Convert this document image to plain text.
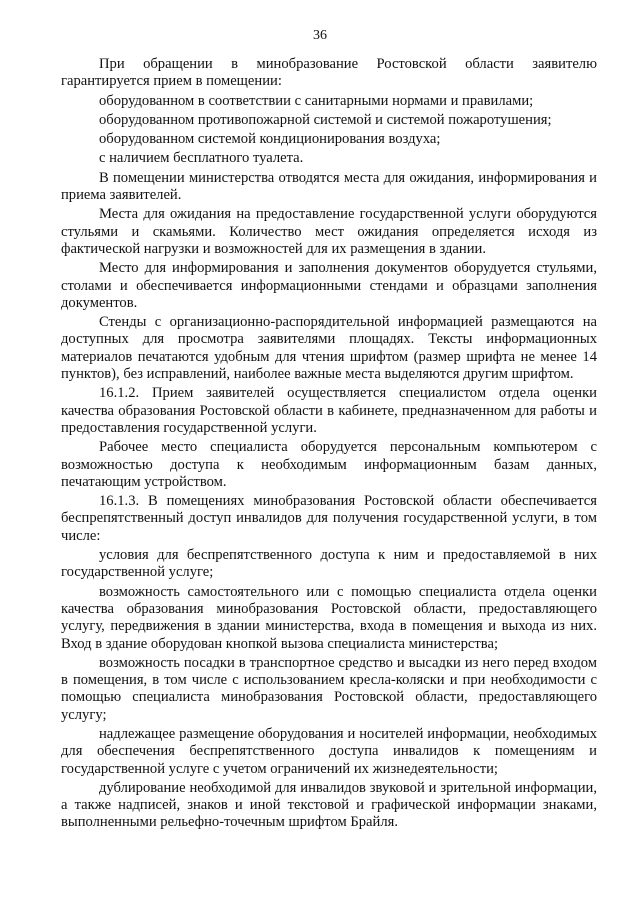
36

При обращении в минобразование Ростовской области заявителю гарантируется прием в помещении:

оборудованном в соответствии с санитарными нормами и правилами;

оборудованном противопожарной системой и системой пожаротушения;

оборудованном системой кондиционирования воздуха;

с наличием бесплатного туалета.

В помещении министерства отводятся места для ожидания, информирования и приема заявителей.

Места для ожидания на предоставление государственной услуги оборудуются стульями и скамьями. Количество мест ожидания определяется исходя из фактической нагрузки и возможностей для их размещения в здании.

Место для информирования и заполнения документов оборудуется стульями, столами и обеспечивается информационными стендами и образцами заполнения документов.

Стенды с организационно-распорядительной информацией размещаются на доступных для просмотра заявителями площадях. Тексты информационных материалов печатаются удобным для чтения шрифтом (размер шрифта не менее 14 пунктов), без исправлений, наиболее важные места выделяются другим шрифтом.

16.1.2. Прием заявителей осуществляется специалистом отдела оценки качества образования Ростовской области в кабинете, предназначенном для работы и предоставления государственной услуги.

Рабочее место специалиста оборудуется персональным компьютером с возможностью доступа к необходимым информационным базам данных, печатающим устройством.

16.1.3. В помещениях минобразования Ростовской области обеспечивается беспрепятственный доступ инвалидов для получения государственной услуги, в том числе:

условия для беспрепятственного доступа к ним и предоставляемой в них государственной услуге;

возможность самостоятельного или с помощью специалиста отдела оценки качества образования минобразования Ростовской области, предоставляющего услугу, передвижения в здании министерства, входа в помещения и выхода из них. Вход в здание оборудован кнопкой вызова специалиста министерства;

возможность посадки в транспортное средство и высадки из него перед входом в помещения, в том числе с использованием кресла-коляски и при необходимости с помощью специалиста минобразования Ростовской области, предоставляющего услугу;

надлежащее размещение оборудования и носителей информации, необходимых для обеспечения беспрепятственного доступа инвалидов к помещениям и государственной услуге с учетом ограничений их жизнедеятельности;

дублирование необходимой для инвалидов звуковой и зрительной информации, а также надписей, знаков и иной текстовой и графической информации знаками, выполненными рельефно-точечным шрифтом Брайля.
